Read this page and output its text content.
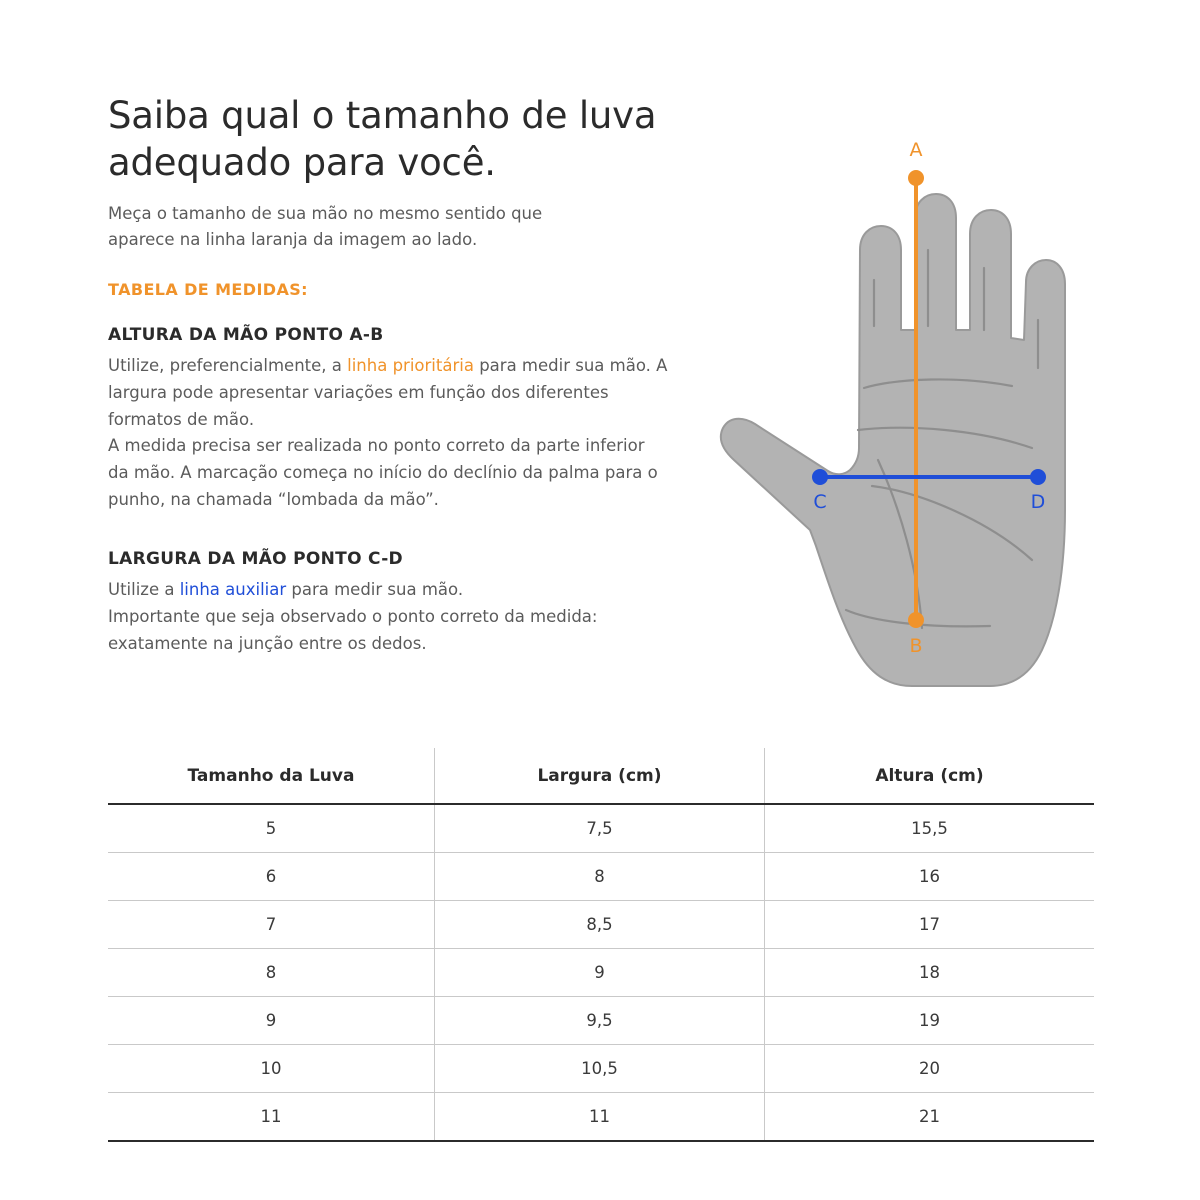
Saiba qual o tamanho de luva adequado para você.

Meça o tamanho de sua mão no mesmo sentido que aparece na linha laranja da imagem ao lado.

TABELA DE MEDIDAS:

ALTURA DA MÃO PONTO A-B

Utilize, preferencialmente, a linha prioritária para medir sua mão. A largura pode apresentar variações em função dos diferentes formatos de mão.

A medida precisa ser realizada no ponto correto da parte inferior da mão. A marcação começa no início do declínio da palma para o punho, na chamada “lombada da mão”.

LARGURA DA MÃO PONTO C-D

Utilize a linha auxiliar para medir sua mão.

Importante que seja observado o ponto correto da medida: exatamente na junção entre os dedos.

A
B
C	D
Tamanho da Luva	Largura (cm)	Altura (cm)
5	7,5	15,5
6	8	16
7	8,5	17
8	9	18
9	9,5	19
10	10,5	20
11	11	21
